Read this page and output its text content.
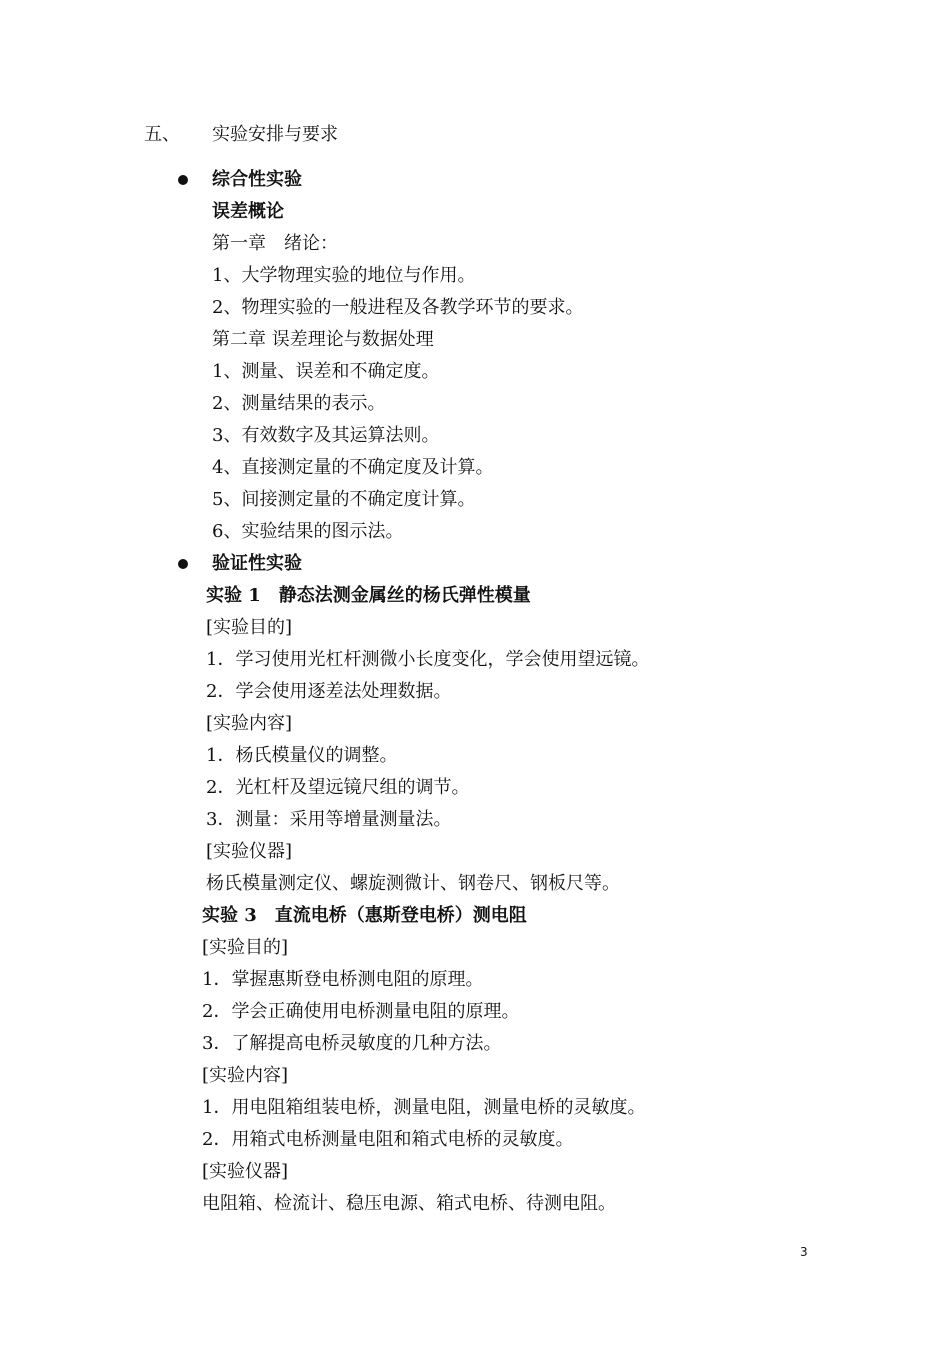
五、 实验安排与要求
综合性实验
误差概论
第一章　绪论：
1、大学物理实验的地位与作用。
2、物理实验的一般进程及各教学环节的要求。
第二章 误差理论与数据处理
1、测量、误差和不确定度。
2、测量结果的表示。
3、有效数字及其运算法则。
4、直接测定量的不确定度及计算。
5、间接测定量的不确定度计算。
6、实验结果的图示法。
验证性实验
实验 1　静态法测金属丝的杨氏弹性模量
[实验目的]
1．学习使用光杠杆测微小长度变化，学会使用望远镜。
2．学会使用逐差法处理数据。
[实验内容]
1．杨氏模量仪的调整。
2．光杠杆及望远镜尺组的调节。
3．测量：采用等增量测量法。
[实验仪器]
杨氏模量测定仪、螺旋测微计、钢卷尺、钢板尺等。
实验 3　直流电桥（惠斯登电桥）测电阻
[实验目的]
1．掌握惠斯登电桥测电阻的原理。
2．学会正确使用电桥测量电阻的原理。
3．了解提高电桥灵敏度的几种方法。
[实验内容]
1．用电阻箱组装电桥，测量电阻，测量电桥的灵敏度。
2．用箱式电桥测量电阻和箱式电桥的灵敏度。
[实验仪器]
电阻箱、检流计、稳压电源、箱式电桥、待测电阻。
3
